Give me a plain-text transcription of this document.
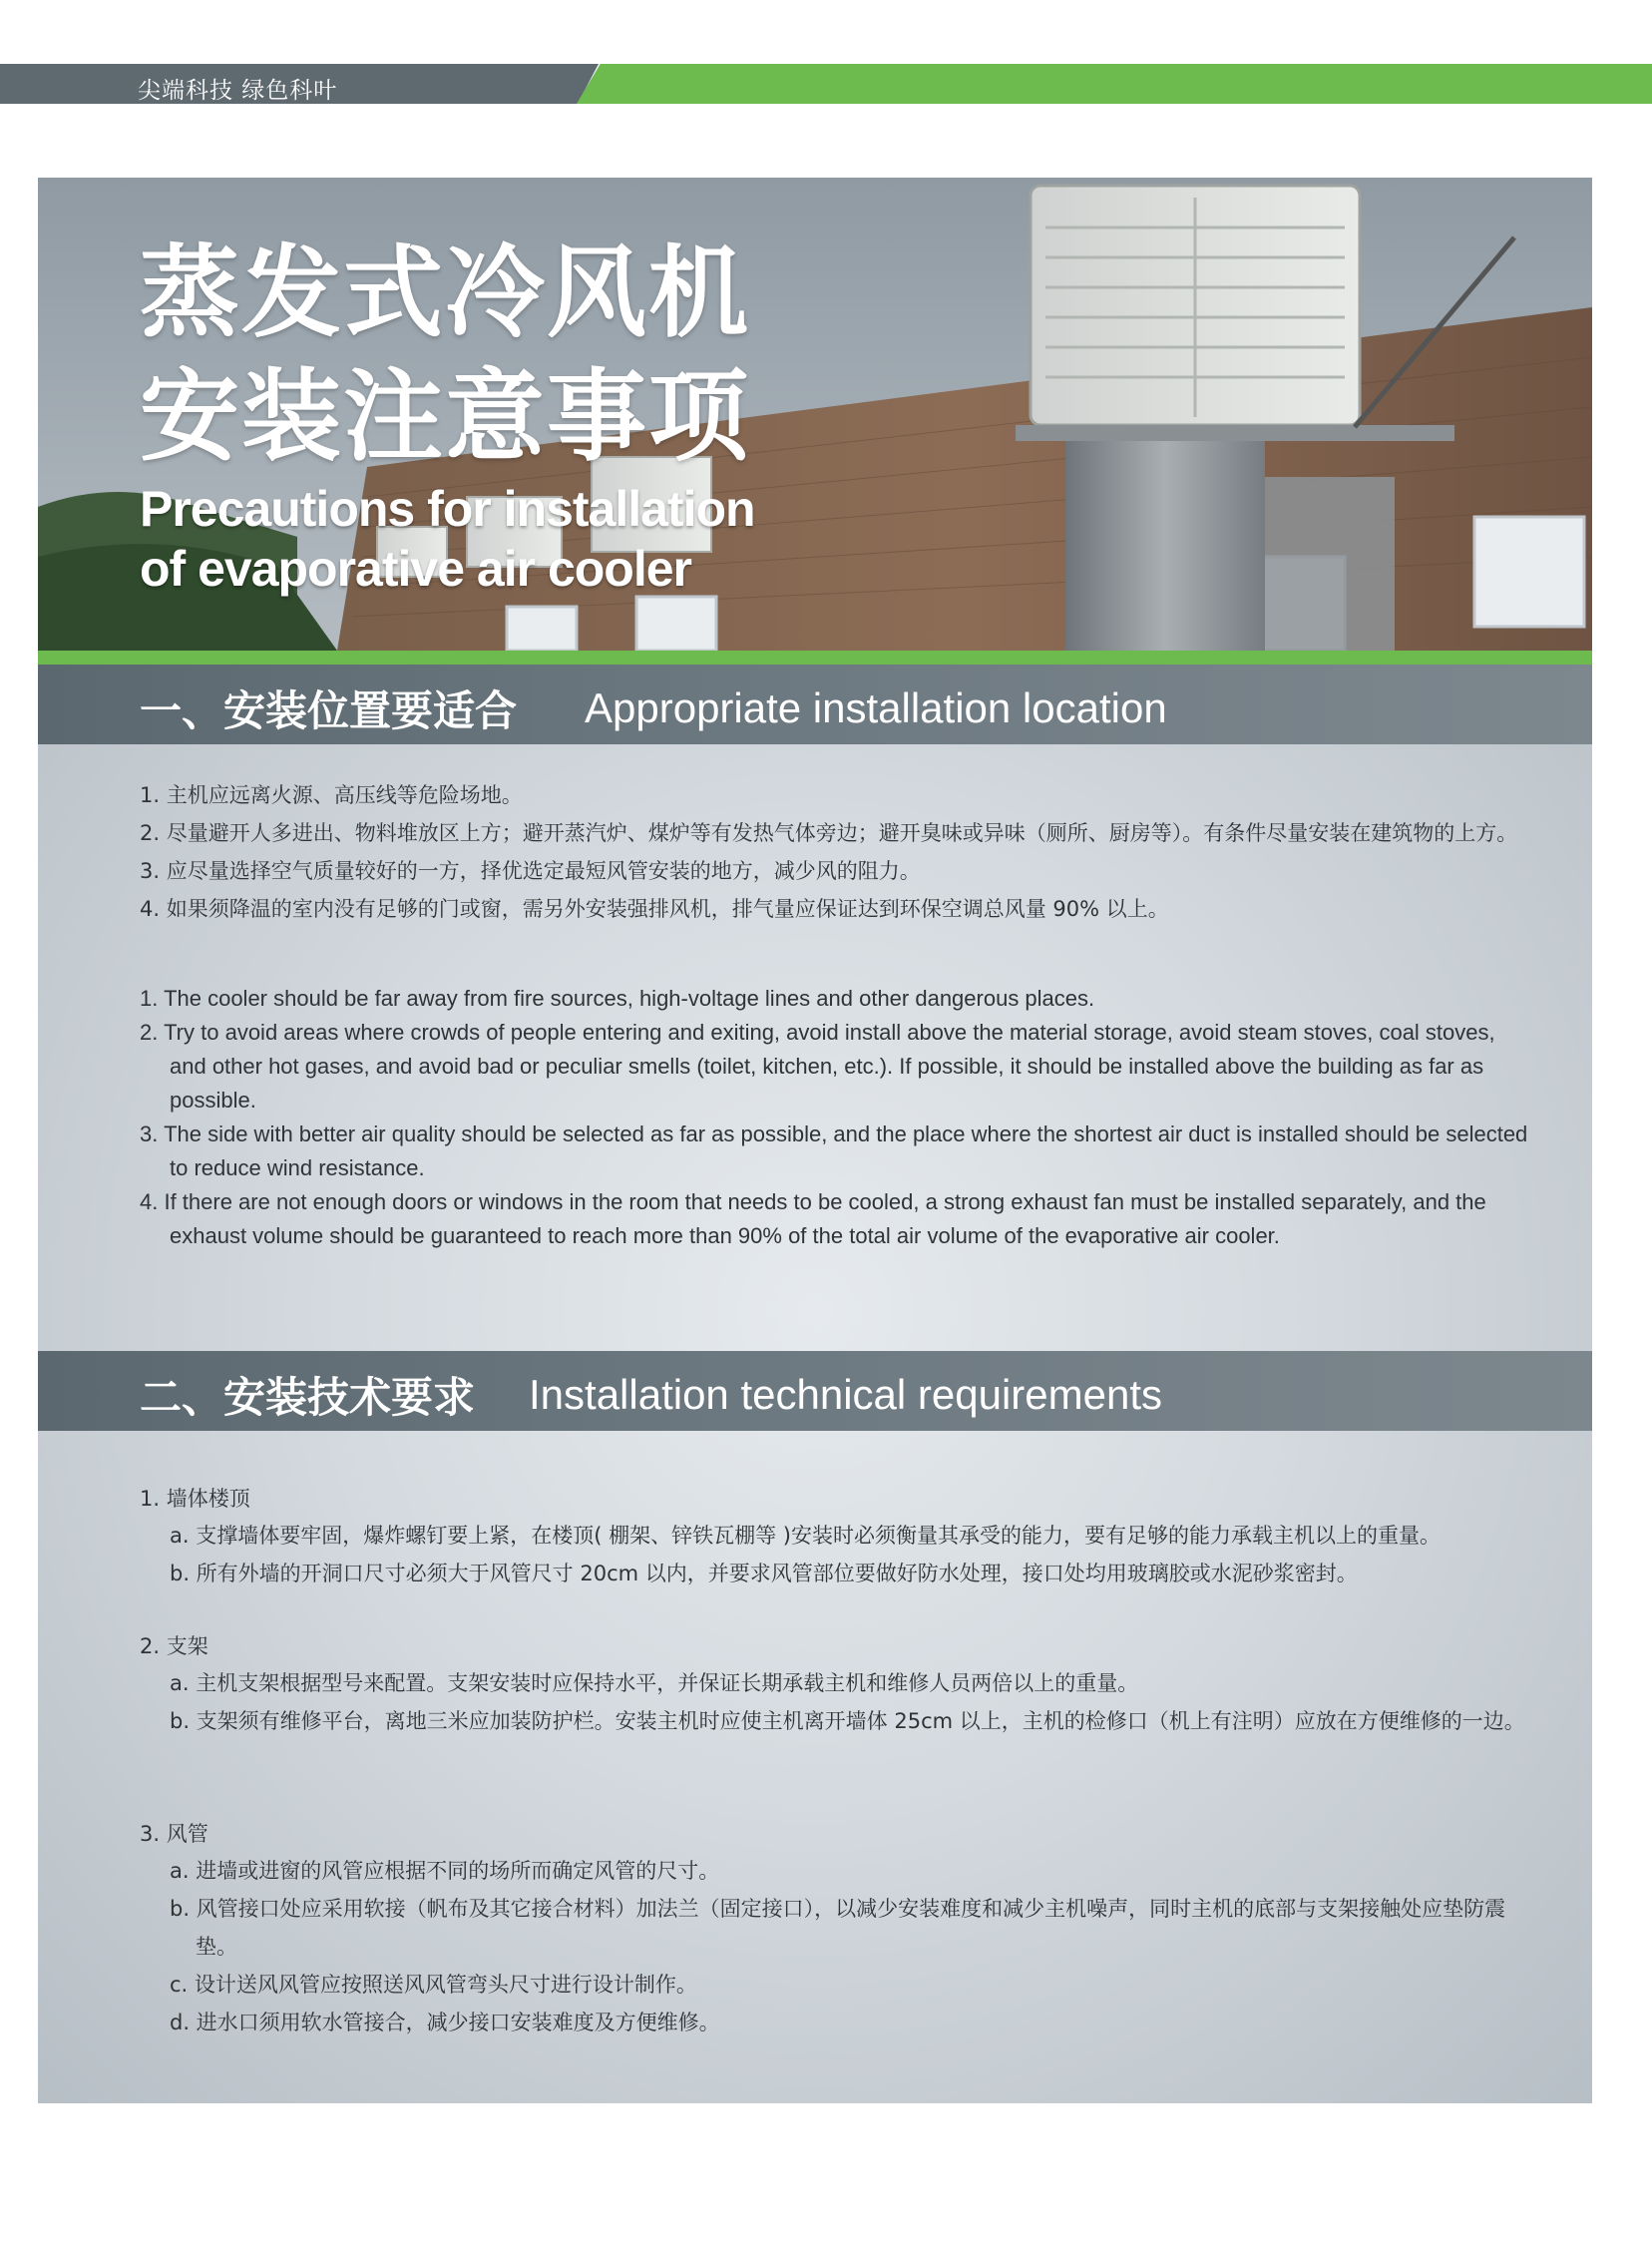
尖端科技 绿色科叶
蒸发式冷风机
安装注意事项
Precautions for installation
of evaporative air cooler
一、安装位置要适合 Appropriate installation location
1. 主机应远离火源、高压线等危险场地。
2. 尽量避开人多进出、物料堆放区上方；避开蒸汽炉、煤炉等有发热气体旁边；避开臭味或异味（厕所、厨房等）。有条件尽量安装在建筑物的上方。
3. 应尽量选择空气质量较好的一方，择优选定最短风管安装的地方，减少风的阻力。
4. 如果须降温的室内没有足够的门或窗，需另外安装强排风机，排气量应保证达到环保空调总风量 90% 以上。
1. The cooler should be far away from fire sources, high-voltage lines and other dangerous places.
2. Try to avoid areas where crowds of people entering and exiting, avoid install above the material storage, avoid steam stoves, coal stoves, and other hot gases, and avoid bad or peculiar smells (toilet, kitchen, etc.). If possible, it should be installed above the building as far as possible.
3. The side with better air quality should be selected as far as possible, and the place where the shortest air duct is installed should be selected to reduce wind resistance.
4. If there are not enough doors or windows in the room that needs to be cooled, a strong exhaust fan must be installed separately, and the exhaust volume should be guaranteed to reach more than 90% of the total air volume of the evaporative air cooler.
二、安装技术要求 Installation technical requirements
1. 墙体楼顶
a. 支撑墙体要牢固，爆炸螺钉要上紧，在楼顶( 棚架、锌铁瓦棚等 )安装时必须衡量其承受的能力，要有足够的能力承载主机以上的重量。
b. 所有外墙的开洞口尺寸必须大于风管尺寸 20cm 以内，并要求风管部位要做好防水处理，接口处均用玻璃胶或水泥砂浆密封。
2. 支架
a. 主机支架根据型号来配置。支架安装时应保持水平，并保证长期承载主机和维修人员两倍以上的重量。
b. 支架须有维修平台，离地三米应加装防护栏。安装主机时应使主机离开墙体 25cm 以上，主机的检修口（机上有注明）应放在方便维修的一边。
3. 风管
a. 进墙或进窗的风管应根据不同的场所而确定风管的尺寸。
b. 风管接口处应采用软接（帆布及其它接合材料）加法兰（固定接口），以减少安装难度和减少主机噪声，同时主机的底部与支架接触处应垫防震垫。
c. 设计送风风管应按照送风风管弯头尺寸进行设计制作。
d. 进水口须用软水管接合，减少接口安装难度及方便维修。
